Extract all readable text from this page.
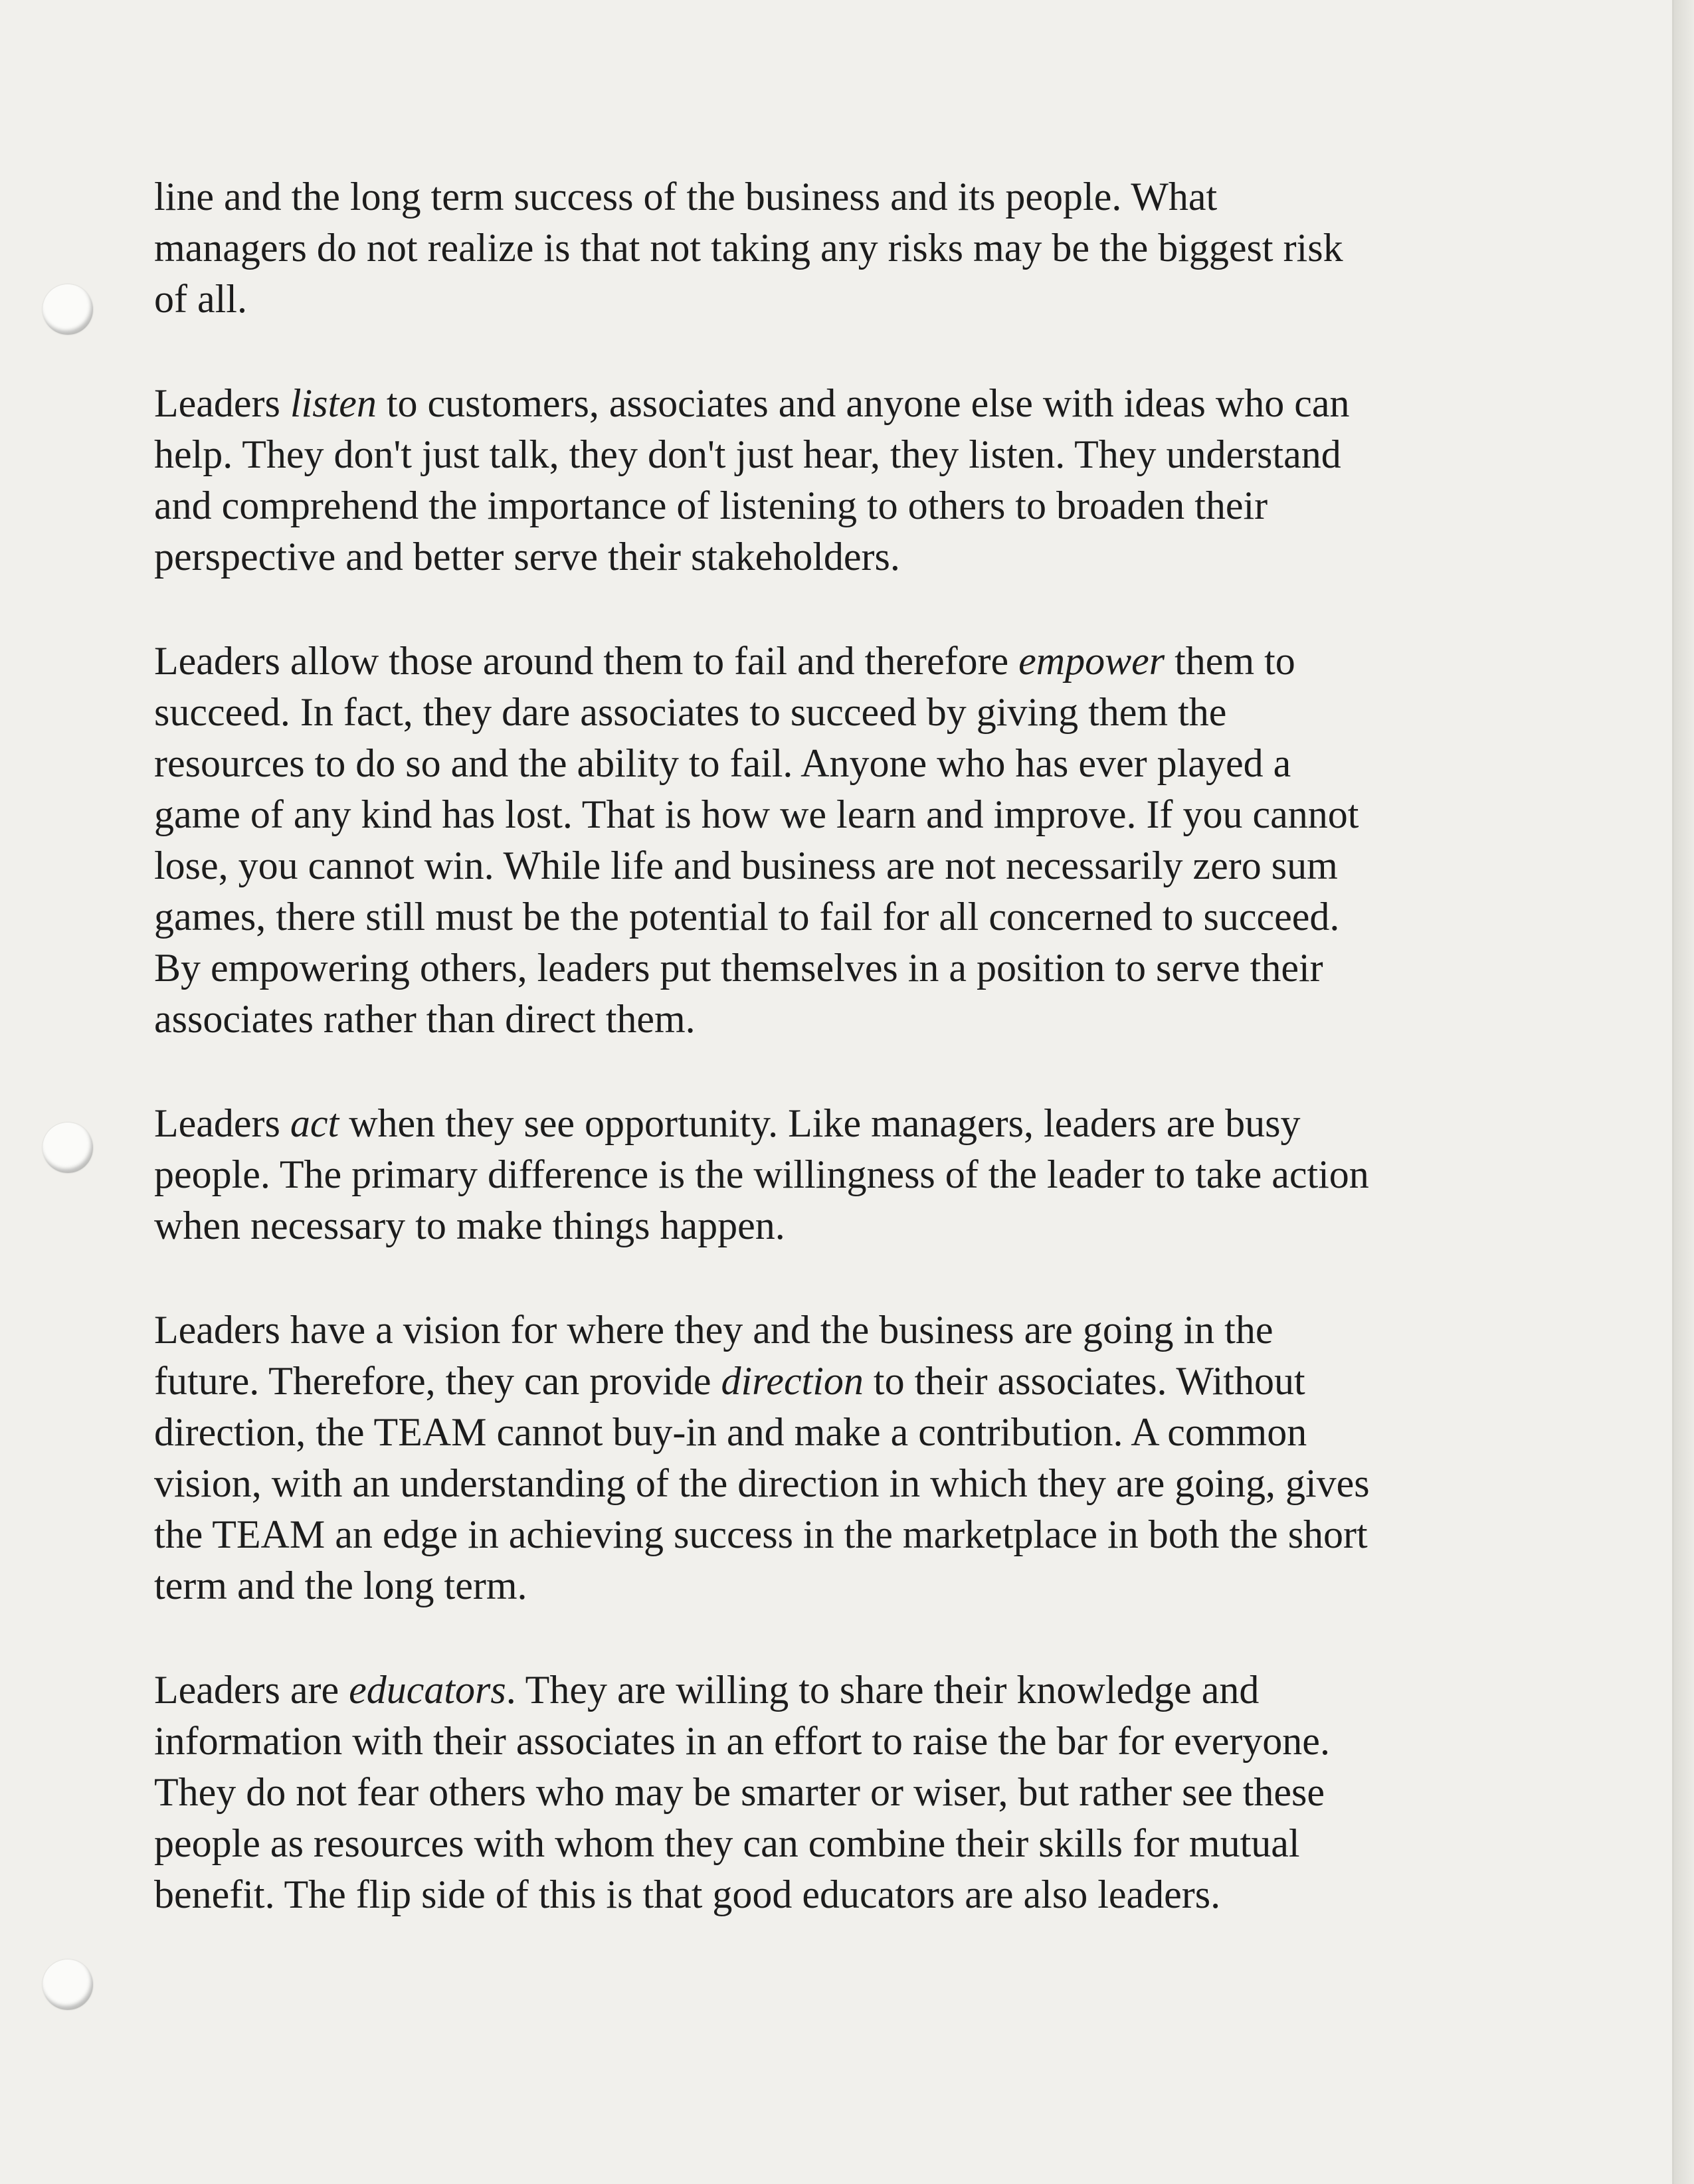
line and the long term success of the business and its people. What
managers do not realize is that not taking any risks may be the biggest risk
of all.

Leaders listen to customers, associates and anyone else with ideas who can
help. They don't just talk, they don't just hear, they listen. They understand
and comprehend the importance of listening to others to broaden their
perspective and better serve their stakeholders.

Leaders allow those around them to fail and therefore empower them to
succeed. In fact, they dare associates to succeed by giving them the
resources to do so and the ability to fail. Anyone who has ever played a
game of any kind has lost. That is how we learn and improve. If you cannot
lose, you cannot win. While life and business are not necessarily zero sum
games, there still must be the potential to fail for all concerned to succeed.
By empowering others, leaders put themselves in a position to serve their
associates rather than direct them.

Leaders act when they see opportunity. Like managers, leaders are busy
people. The primary difference is the willingness of the leader to take action
when necessary to make things happen.

Leaders have a vision for where they and the business are going in the
future. Therefore, they can provide direction to their associates. Without
direction, the TEAM cannot buy-in and make a contribution. A common
vision, with an understanding of the direction in which they are going, gives
the TEAM an edge in achieving success in the marketplace in both the short
term and the long term.

Leaders are educators. They are willing to share their knowledge and
information with their associates in an effort to raise the bar for everyone.
They do not fear others who may be smarter or wiser, but rather see these
people as resources with whom they can combine their skills for mutual
benefit. The flip side of this is that good educators are also leaders.
